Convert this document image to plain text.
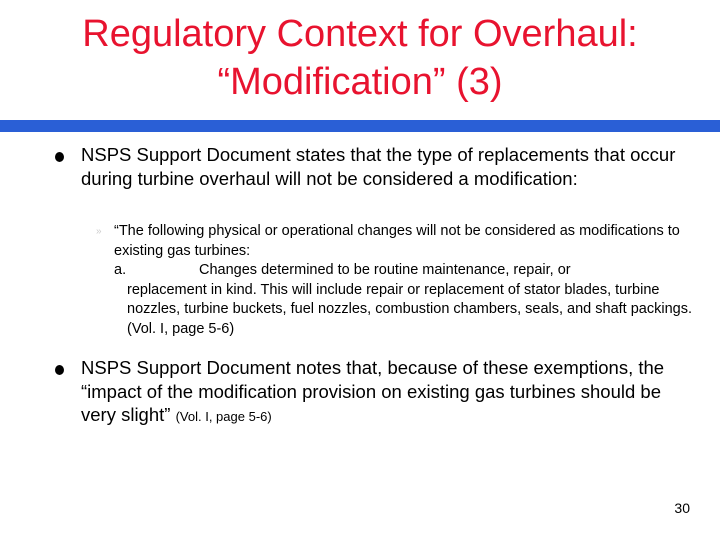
Regulatory Context for Overhaul:
“Modification” (3)
NSPS Support Document states that the type of replacements that occur during turbine overhaul will not be considered a modification:
» “The following physical or operational changes will not be considered as modifications to existing gas turbines:
a.	Changes determined to be routine maintenance, repair, or
replacement in kind. This will include repair or replacement of stator blades, turbine nozzles, turbine buckets, fuel nozzles, combustion chambers, seals, and shaft packings. (Vol. I, page 5-6)
NSPS Support Document notes that, because of these exemptions, the “impact of the modification provision on existing gas turbines should be very slight” (Vol. I, page 5-6)
30
